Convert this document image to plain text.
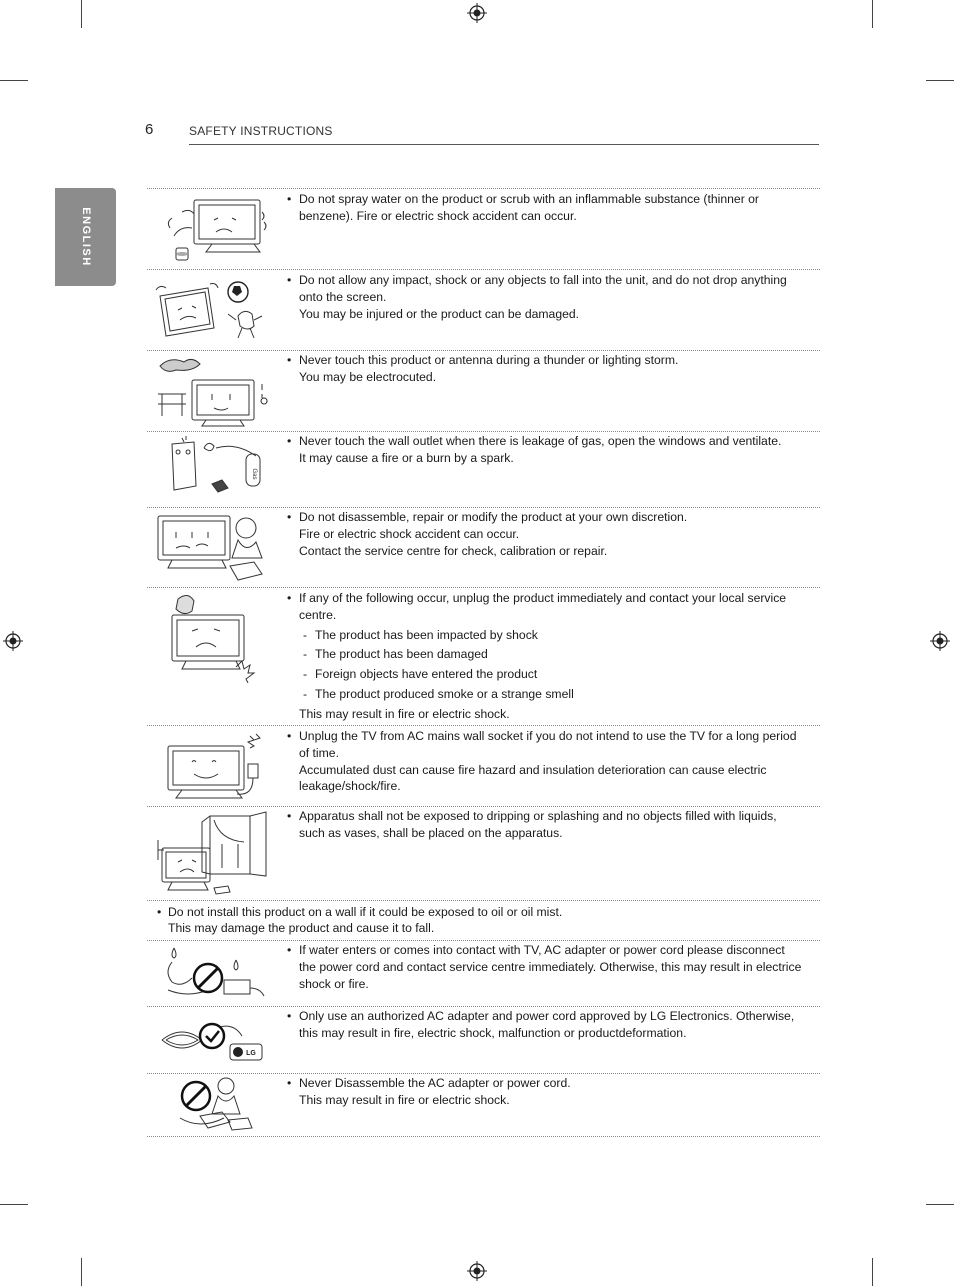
6	SAFETY INSTRUCTIONS
ENGLISH
Gas
LG
• Do not spray water on the product or scrub with an inflammable substance (thinner or
benzene). Fire or electric shock accident can occur.
• Do not allow any impact, shock or any objects to fall into the unit, and do not drop anything
onto the screen.
You may be injured or the product can be damaged.
• Never touch this product or antenna during a thunder or lighting storm.
You may be electrocuted.
• Never touch the wall outlet when there is leakage of gas, open the windows and ventilate.
It may cause a fire or a burn by a spark.
• Do not disassemble, repair or modify the product at your own discretion.
Fire or electric shock accident can occur.
Contact the service centre for check, calibration or repair.
• If any of the following occur, unplug the product immediately and contact your local service
centre.
- The product has been impacted by shock
- The product has been damaged
- Foreign objects have entered the product
- The product produced smoke or a strange smell
This may result in fire or electric shock.
• Unplug the TV from AC mains wall socket if you do not intend to use the TV for a long period
of time.
Accumulated dust can cause fire hazard and insulation deterioration can cause electric
leakage/shock/fire.
• Apparatus shall not be exposed to dripping or splashing and no objects filled with liquids,
such as vases, shall be placed on the apparatus.
• Do not install this product on a wall if it could be exposed to oil or oil mist.
This may damage the product and cause it to fall.
• If water enters or comes into contact with TV, AC adapter or power cord please disconnect
the power cord and contact service centre immediately. Otherwise, this may result in electrice
shock or fire.
• Only use an authorized AC adapter and power cord approved by LG Electronics. Otherwise,
this may result in fire, electric shock, malfunction or productdeformation.
• Never Disassemble the AC adapter or power cord.
This may result in fire or electric shock.
